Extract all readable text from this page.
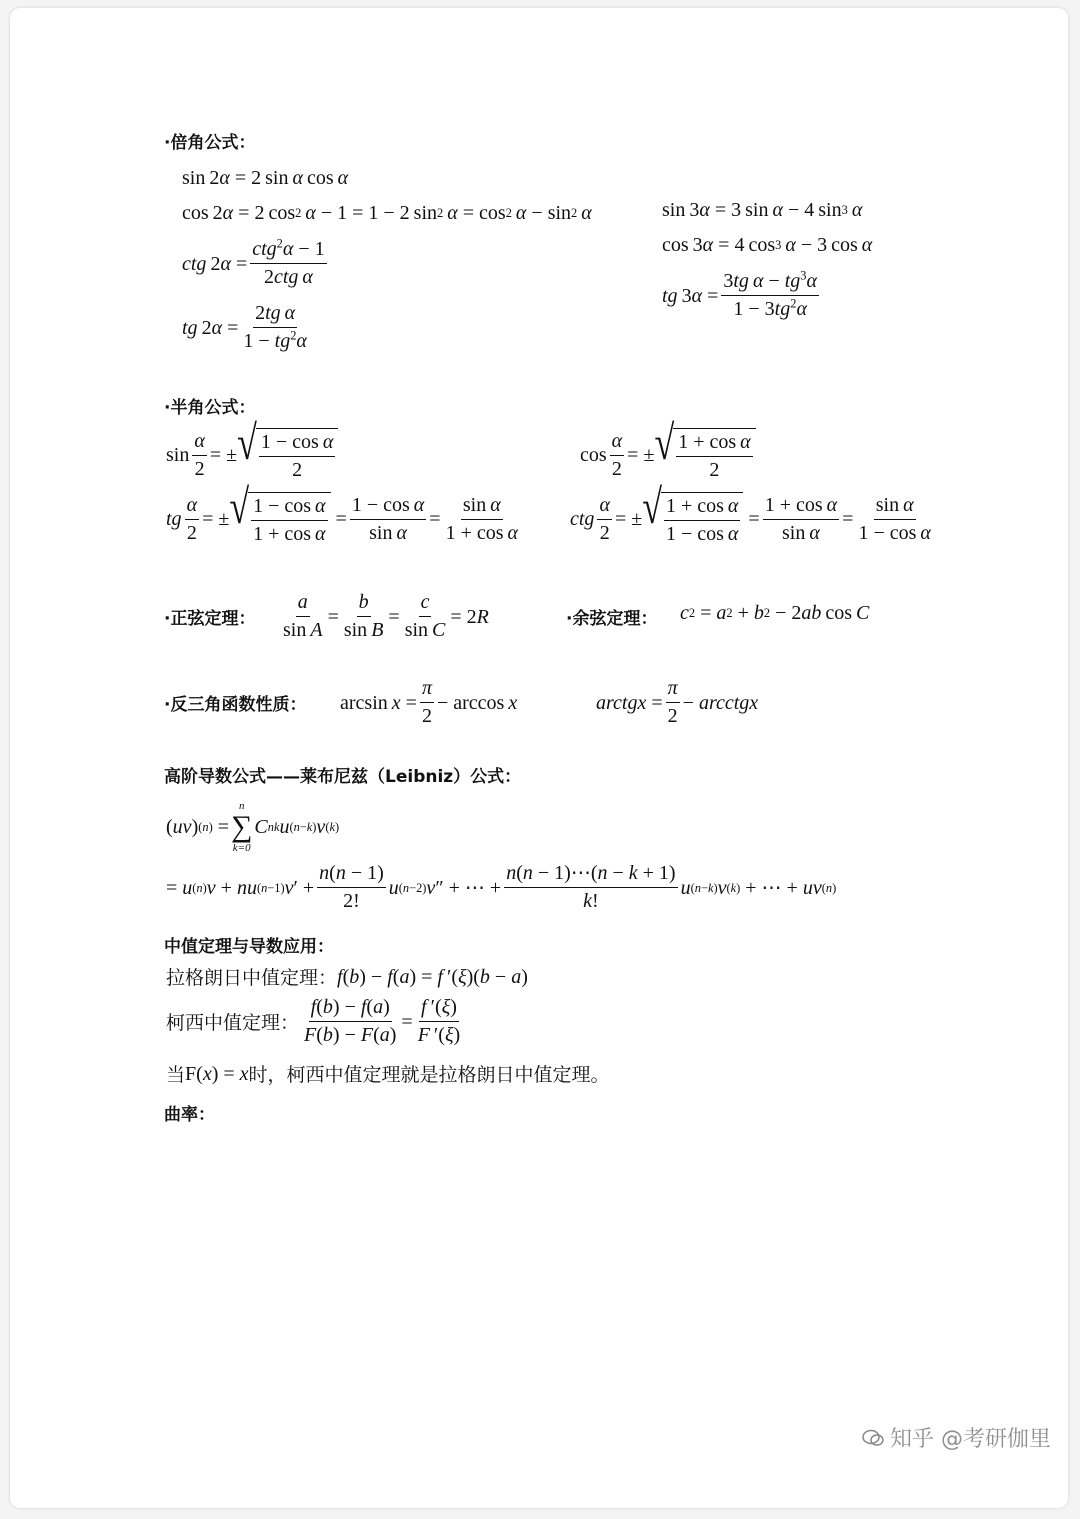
·倍角公式：
sin 2 α = 2 sin  α  cos  α
cos 2 α = 2 cos 2
  α − 1 = 1 − 2 sin 2
  α = cos 2
  α − sin 2
  α
ctg  2 $\alpha = \frac{ctg^2\alpha - 1}{\text{2ctg  α}}$
tg  2 $\alpha = \frac{\text{2tg  α}}{1 - tg^2\alpha}$
sin 3 α = 3 sin  α − 4 sin 3
  α
cos 3 α = 4 cos 3
  α − 3 cos  α
tg  3 $\alpha = \frac{3tg \alpha - tg^3\alpha}{1 - 3tg^2\alpha}$
·半角公式：
$\sin \frac{\alpha}{2}$ = ± √ $\frac{\text{1 − cos α}}{2}$	$\cos \frac{\alpha}{2}$ = ± √ $\frac{\text{1 + cos α}}{2}$
tg $\frac{\alpha}{2}$ = ± √ $\frac{\text{1 − cos α}}{\text{1 + cos α}} = \frac{\text{1 − cos α}}{\text{sin α}} = \frac{\text{sin α}}{\text{1 + cos α}}$ ctg $\frac{\alpha}{2}$ = ± √ $\frac{\text{1 + cos α}}{\text{1 − cos α}} = \frac{\text{1 + cos α}}{\text{sin α}} = \frac{\text{sin α}}{\text{1 − cos α}}$
·正弦定理： $\frac{a}{\text{sin A}} = \frac{b}{\text{sin B}} = \frac{c}{\text{sin C}} = 2$ R	·余弦定理： c 2 = a 2 + b 2 − 2 ab  cos  C
·反三角函数性质： $\arcsin x = \frac{\pi}{2} - \arccos x$	arctgx = $\frac{\pi}{2}$ − arcctgx
高阶导数公式——莱布尼兹（Leibniz）公式：
( uv ) (n) =
n
∑
k=0
C n k u (n−k) v (k)
= u (n) v + nu (n−1) v ′ + $\frac{n(n - 1)}{2!}$ u (n−2) v ″ + ⋯ + $\frac{n(n - 1)\cdots(n - k + 1)}{k!}$ u (n−k) v (k) + ⋯ + uv (n)
中值定理与导数应用：
拉格朗日中值定理： f ( b ) − f ( a ) = f  ′( ξ )( b − a )
柯西中值定理： $\frac{f(b) - f(a)}{F(b) - F(a)} = \frac{f '(\xi)}{F '(\xi)}$
当 F( x ) = x 时，柯西中值定理就是拉格朗日中值定理。
曲率：
知乎 @考研伽里
